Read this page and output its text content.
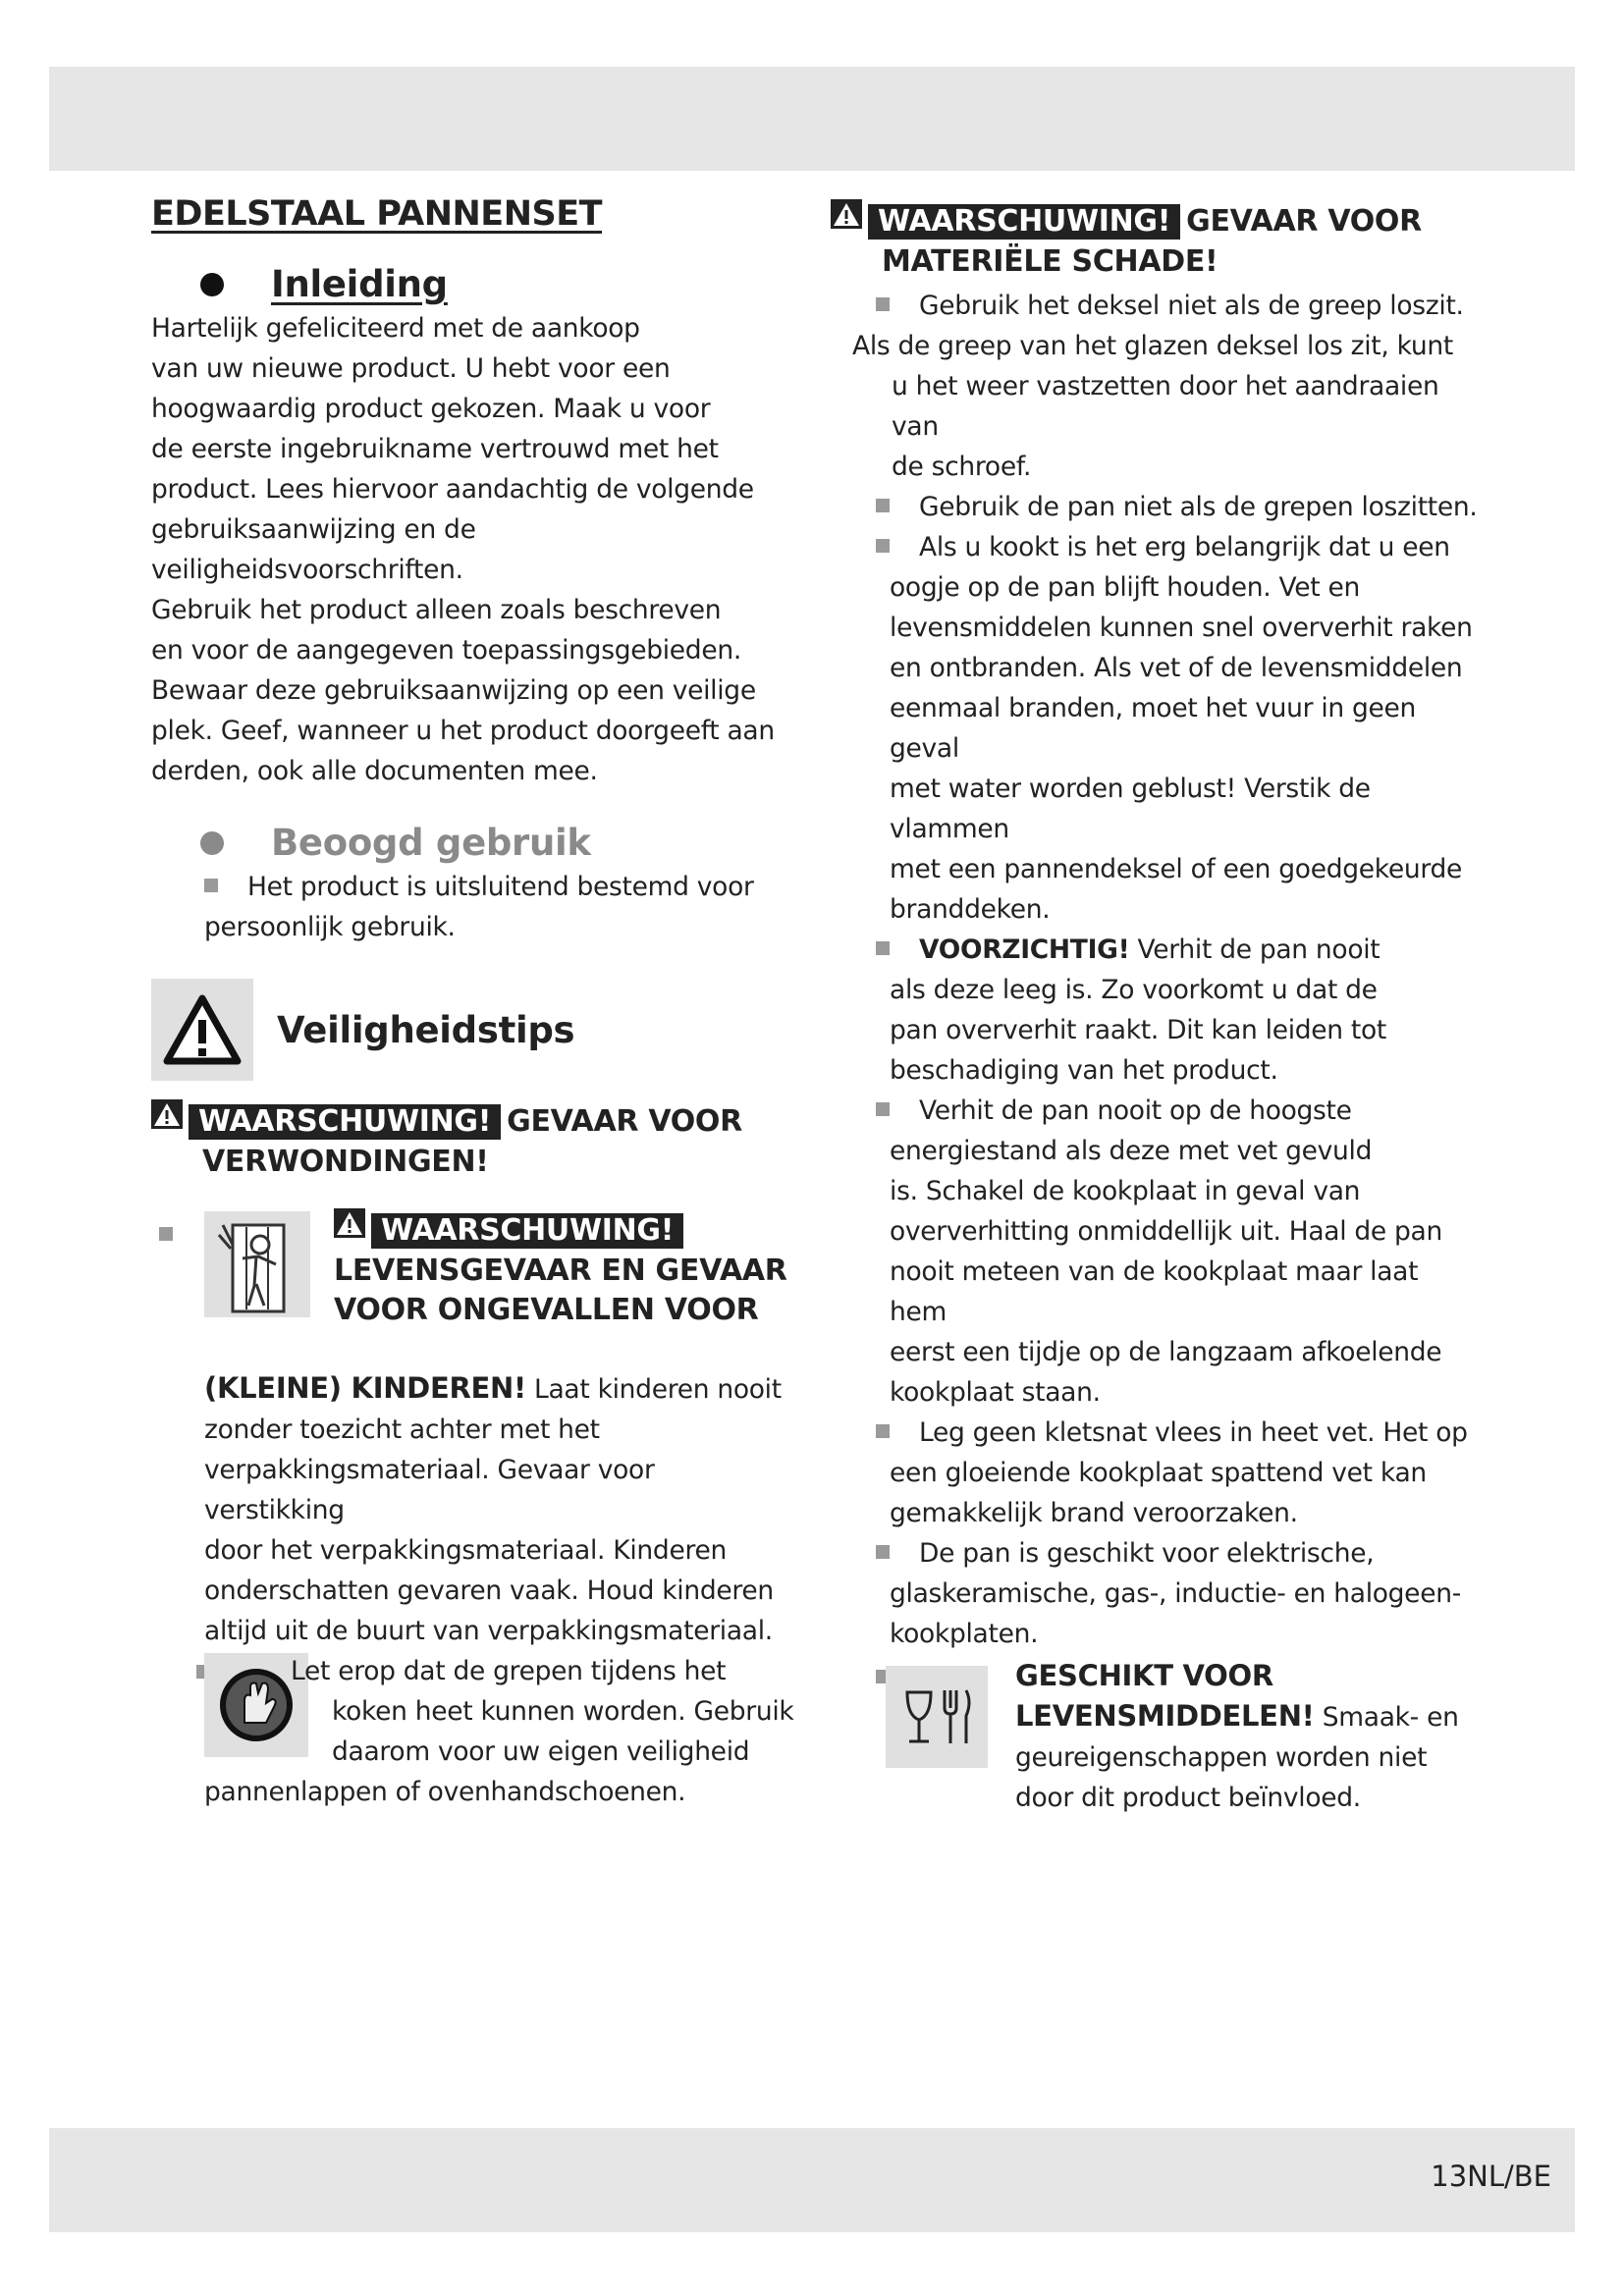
EDELSTAAL PANNENSET
Inleiding
Hartelijk gefeliciteerd met de aankoop
van uw nieuwe product. U hebt voor een
hoogwaardig product gekozen. Maak u voor
de eerste ingebruikname vertrouwd met het
product. Lees hiervoor aandachtig de volgende
gebruiksaanwijzing en de veiligheidsvoorschriften.
Gebruik het product alleen zoals beschreven
en voor de aangegeven toepassingsgebieden.
Bewaar deze gebruiksaanwijzing op een veilige
plek. Geef, wanneer u het product doorgeeft aan
derden, ook alle documenten mee.
Beoogd gebruik
Het product is uitsluitend bestemd voor
persoonlijk gebruik.
Veiligheidstips
WAARSCHUWING! GEVAAR VOOR
VERWONDINGEN!
WAARSCHUWING!
LEVENSGEVAAR EN GEVAAR
VOOR ONGEVALLEN VOOR
(KLEINE) KINDEREN! Laat kinderen nooit
zonder toezicht achter met het
verpakkingsmateriaal. Gevaar voor verstikking
door het verpakkingsmateriaal. Kinderen
onderschatten gevaren vaak. Houd kinderen
altijd uit de buurt van verpakkingsmateriaal.
Let erop dat de grepen tijdens het
koken heet kunnen worden. Gebruik
daarom voor uw eigen veiligheid
pannenlappen of ovenhandschoenen.
WAARSCHUWING! GEVAAR VOOR
MATERIËLE SCHADE!
Gebruik het deksel niet als de greep loszit.
Als de greep van het glazen deksel los zit, kunt
u het weer vastzetten door het aandraaien van
de schroef.
Gebruik de pan niet als de grepen loszitten.
Als u kookt is het erg belangrijk dat u een
oogje op de pan blijft houden. Vet en
levensmiddelen kunnen snel oververhit raken
en ontbranden. Als vet of de levensmiddelen
eenmaal branden, moet het vuur in geen geval
met water worden geblust! Verstik de vlammen
met een pannendeksel of een goedgekeurde
branddeken.
VOORZICHTIG! Verhit de pan nooit
als deze leeg is. Zo voorkomt u dat de
pan oververhit raakt. Dit kan leiden tot
beschadiging van het product.
Verhit de pan nooit op de hoogste
energiestand als deze met vet gevuld
is. Schakel de kookplaat in geval van
oververhitting onmiddellijk uit. Haal de pan
nooit meteen van de kookplaat maar laat hem
eerst een tijdje op de langzaam afkoelende
kookplaat staan.
Leg geen kletsnat vlees in heet vet. Het op
een gloeiende kookplaat spattend vet kan
gemakkelijk brand veroorzaken.
De pan is geschikt voor elektrische,
glaskeramische, gas-, inductie- en halogeen-
kookplaten.
GESCHIKT VOOR
LEVENSMIDDELEN! Smaak- en
geureigenschappen worden niet
door dit product beïnvloed.
13NL/BE
